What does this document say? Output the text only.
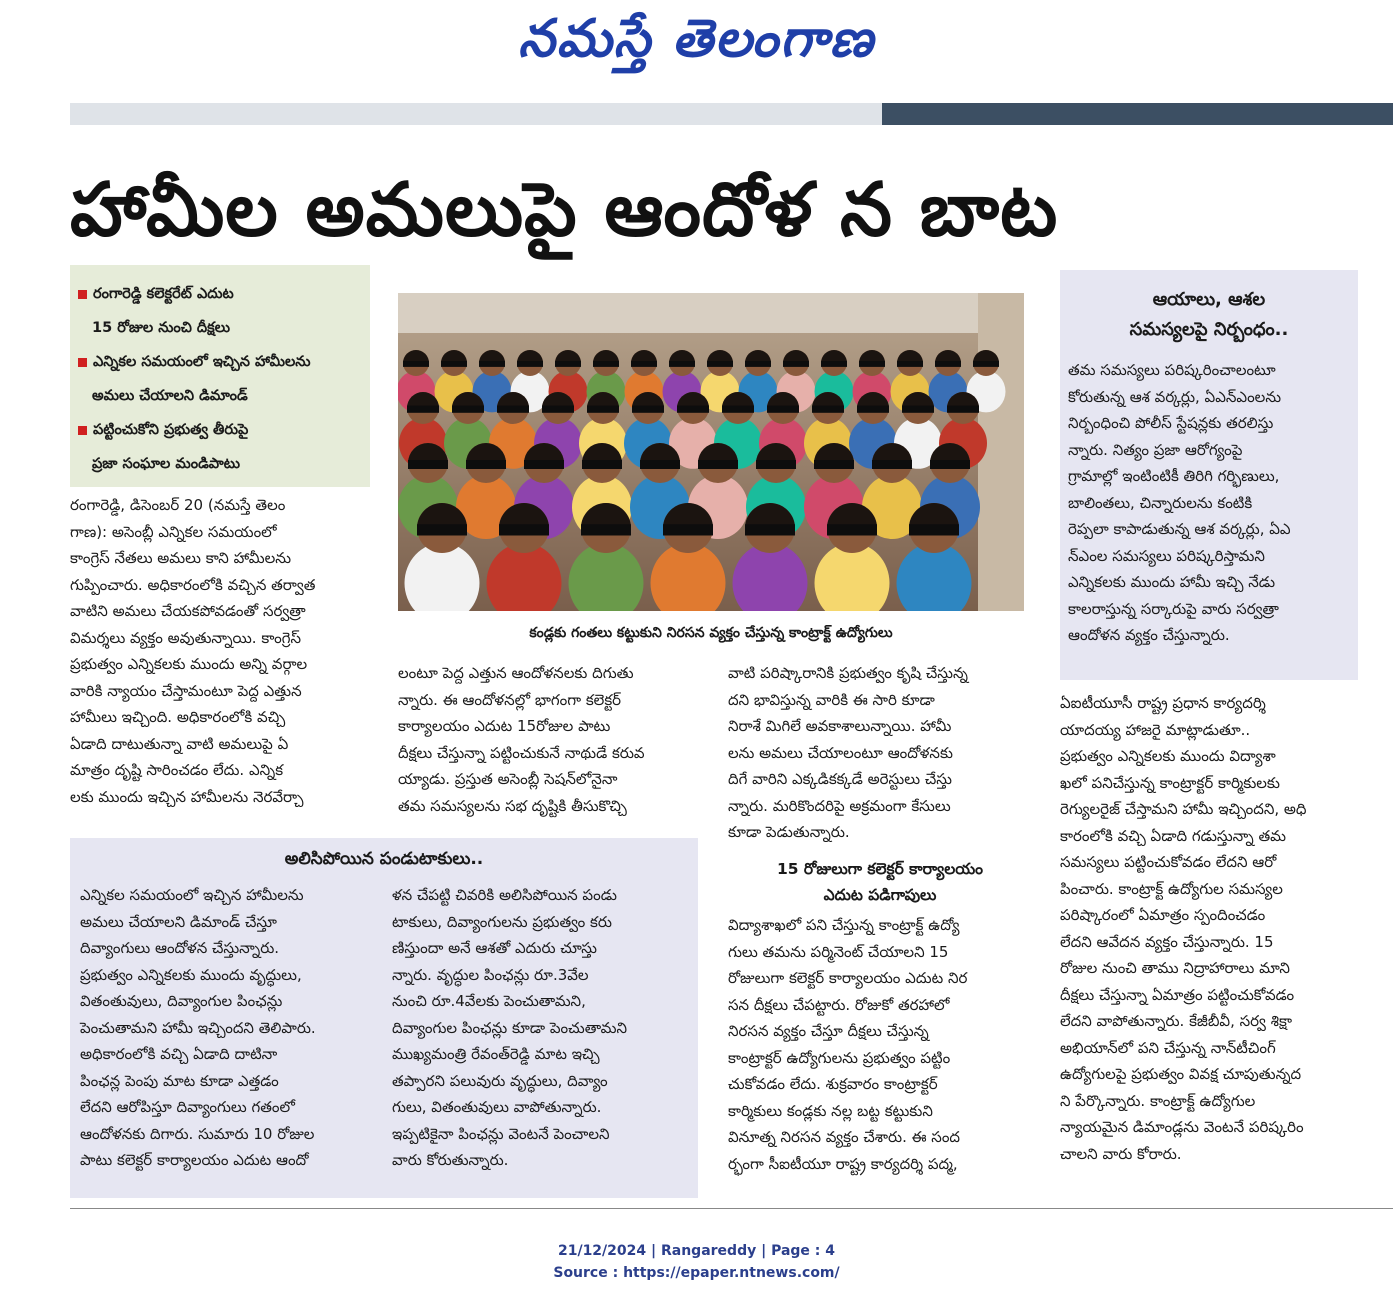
నమస్తే తెలంగాణ
హామీల అమలుపై ఆందోళ న బాట
రంగారెడ్డి కలెక్టరేట్ ఎదుట
15 రోజుల నుంచి దీక్షలు
ఎన్నికల సమయంలో ఇచ్చిన హామీలను
అమలు చేయాలని డిమాండ్
పట్టించుకోని ప్రభుత్వ తీరుపై
ప్రజా సంఘాల మండిపాటు
కండ్లకు గంతలు కట్టుకుని నిరసన వ్యక్తం చేస్తున్న కాంట్రాక్ట్ ఉద్యోగులు
రంగారెడ్డి, డిసెంబర్ 20 (నమస్తే తెలం
గాణ): అసెంబ్లీ ఎన్నికల సమయంలో
కాంగ్రెస్ నేతలు అమలు కాని హామీలను
గుప్పించారు. అధికారంలోకి వచ్చిన తర్వాత
వాటిని అమలు చేయకపోవడంతో సర్వత్రా
విమర్శలు వ్యక్తం అవుతున్నాయి. కాంగ్రెస్
ప్రభుత్వం ఎన్నికలకు ముందు అన్ని వర్గాల
వారికి న్యాయం చేస్తామంటూ పెద్ద ఎత్తున
హామీలు ఇచ్చింది. అధికారంలోకి వచ్చి
ఏడాది దాటుతున్నా వాటి అమలుపై ఏ
మాత్రం దృష్టి సారించడం లేదు. ఎన్నిక
లకు ముందు ఇచ్చిన హామీలను నెరవేర్చా
లంటూ పెద్ద ఎత్తున ఆందోళనలకు దిగుతు
న్నారు. ఈ ఆందోళనల్లో భాగంగా కలెక్టర్
కార్యాలయం ఎదుట 15రోజుల పాటు
దీక్షలు చేస్తున్నా పట్టించుకునే నాథుడే కరువ
య్యాడు. ప్రస్తుత అసెంబ్లీ సెషన్‌లోనైనా
తమ సమస్యలను సభ దృష్టికి తీసుకొచ్చి
వాటి పరిష్కారానికి ప్రభుత్వం కృషి చేస్తున్న
దని భావిస్తున్న వారికి ఈ సారి కూడా
నిరాశే మిగిలే అవకాశాలున్నాయి. హామీ
లను అమలు చేయాలంటూ ఆందోళనకు
దిగే వారిని ఎక్కడికక్కడే అరెస్టులు చేస్తు
న్నారు. మరికొందరిపై అక్రమంగా కేసులు
కూడా పెడుతున్నారు.
15 రోజులుగా కలెక్టర్ కార్యాలయం
ఎదుట పడిగాపులు
విద్యాశాఖలో పని చేస్తున్న కాంట్రాక్ట్ ఉద్యో
గులు తమను పర్మినెంట్ చేయాలని 15
రోజులుగా కలెక్టర్ కార్యాలయం ఎదుట నిర
సన దీక్షలు చేపట్టారు. రోజుకో తరహాలో
నిరసన వ్యక్తం చేస్తూ దీక్షలు చేస్తున్న
కాంట్రాక్టర్ ఉద్యోగులను ప్రభుత్వం పట్టిం
చుకోవడం లేదు. శుక్రవారం కాంట్రాక్టర్
కార్మికులు కండ్లకు నల్ల బట్ట కట్టుకుని
వినూత్న నిరసన వ్యక్తం చేశారు. ఈ సంద
ర్భంగా సీఐటీయూ రాష్ట్ర కార్యదర్శి పద్మ,
ఆయాలు, ఆశల
సమస్యలపై నిర్బంధం..
తమ సమస్యలు పరిష్కరించాలంటూ
కోరుతున్న ఆశ వర్కర్లు, ఏఎన్ఎంలను
నిర్బంధించి పోలీస్ స్టేషన్లకు తరలిస్తు
న్నారు. నిత్యం ప్రజా ఆరోగ్యంపై
గ్రామాల్లో ఇంటింటికీ తిరిగి గర్భిణులు,
బాలింతలు, చిన్నారులను కంటికి
రెప్పలా కాపాడుతున్న ఆశ వర్కర్లు, ఏఎ
న్ఎంల సమస్యలు పరిష్కరిస్తామని
ఎన్నికలకు ముందు హామీ ఇచ్చి నేడు
కాలరాస్తున్న సర్కారుపై వారు సర్వత్రా
ఆందోళన వ్యక్తం చేస్తున్నారు.
ఏఐటీయూసీ రాష్ట్ర ప్రధాన కార్యదర్శి
యాదయ్య హాజరై మాట్లాడుతూ..
ప్రభుత్వం ఎన్నికలకు ముందు విద్యాశా
ఖలో పనిచేస్తున్న కాంట్రాక్టర్ కార్మికులకు
రెగ్యులరైజ్ చేస్తామని హామీ ఇచ్చిందని, అధి
కారంలోకి వచ్చి ఏడాది గడుస్తున్నా తమ
సమస్యలు పట్టించుకోవడం లేదని ఆరో
పించారు. కాంట్రాక్ట్ ఉద్యోగుల సమస్యల
పరిష్కారంలో ఏమాత్రం స్పందించడం
లేదని ఆవేదన వ్యక్తం చేస్తున్నారు. 15
రోజుల నుంచి తాము నిద్రాహారాలు మాని
దీక్షలు చేస్తున్నా ఏమాత్రం పట్టించుకోవడం
లేదని వాపోతున్నారు. కేజీబీవీ, సర్వ శిక్షా
అభియాన్‌లో పని చేస్తున్న నాన్‌టీచింగ్
ఉద్యోగులపై ప్రభుత్వం వివక్ష చూపుతున్నద
ని పేర్కొన్నారు. కాంట్రాక్ట్ ఉద్యోగుల
న్యాయమైన డిమాండ్లను వెంటనే పరిష్కరిం
చాలని వారు కోరారు.
అలిసిపోయిన పండుటాకులు..
ఎన్నికల సమయంలో ఇచ్చిన హామీలను
అమలు చేయాలని డిమాండ్ చేస్తూ
దివ్యాంగులు ఆందోళన చేస్తున్నారు.
ప్రభుత్వం ఎన్నికలకు ముందు వృద్ధులు,
వితంతువులు, దివ్యాంగుల పింఛన్లు
పెంచుతామని హామీ ఇచ్చిందని తెలిపారు.
అధికారంలోకి వచ్చి ఏడాది దాటినా
పింఛన్ల పెంపు మాట కూడా ఎత్తడం
లేదని ఆరోపిస్తూ దివ్యాంగులు గతంలో
ఆందోళనకు దిగారు. సుమారు 10 రోజుల
పాటు కలెక్టర్ కార్యాలయం ఎదుట ఆందో
ళన చేపట్టి చివరికి అలిసిపోయిన పండు
టాకులు, దివ్యాంగులను ప్రభుత్వం కరు
ణిస్తుందా అనే ఆశతో ఎదురు చూస్తు
న్నారు. వృద్ధుల పింఛన్లు రూ.3వేల
నుంచి రూ.4వేలకు పెంచుతామని,
దివ్యాంగుల పింఛన్లు కూడా పెంచుతామని
ముఖ్యమంత్రి రేవంత్‌రెడ్డి మాట ఇచ్చి
తప్పారని పలువురు వృద్ధులు, దివ్యాం
గులు, వితంతువులు వాపోతున్నారు.
ఇప్పటికైనా పింఛన్లు వెంటనే పెంచాలని
వారు కోరుతున్నారు.
21/12/2024 | Rangareddy | Page : 4
Source : https://epaper.ntnews.com/
